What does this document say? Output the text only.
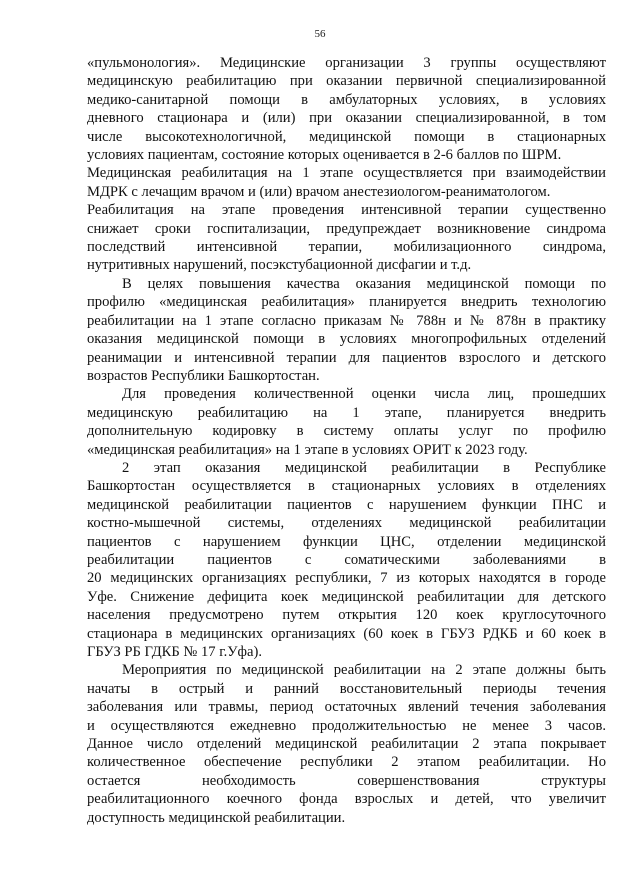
56
«пульмонология». Медицинские организации 3 группы осуществляют
медицинскую реабилитацию при оказании первичной специализированной
медико-санитарной помощи в амбулаторных условиях, в условиях
дневного стационара и (или) при оказании специализированной, в том
числе высокотехнологичной, медицинской помощи в стационарных
условиях пациентам, состояние которых оценивается в 2-6 баллов по ШРМ.
Медицинская реабилитация на 1 этапе осуществляется при взаимодействии
МДРК с лечащим врачом и (или) врачом анестезиологом-реаниматологом.
Реабилитация на этапе проведения интенсивной терапии существенно
снижает сроки госпитализации, предупреждает возникновение синдрома
последствий интенсивной терапии, мобилизационного синдрома,
нутритивных нарушений, посэкстубационной дисфагии и т.д.
В целях повышения качества оказания медицинской помощи по
профилю «медицинская реабилитация» планируется внедрить технологию
реабилитации на 1 этапе согласно приказам № 788н и № 878н в практику
оказания медицинской помощи в условиях многопрофильных отделений
реанимации и интенсивной терапии для пациентов взрослого и детского
возрастов Республики Башкортостан.
Для проведения количественной оценки числа лиц, прошедших
медицинскую реабилитацию на 1 этапе, планируется внедрить
дополнительную кодировку в систему оплаты услуг по профилю
«медицинская реабилитация» на 1 этапе в условиях ОРИТ к 2023 году.
2 этап оказания медицинской реабилитации в Республике
Башкортостан осуществляется в стационарных условиях в отделениях
медицинской реабилитации пациентов с нарушением функции ПНС и
костно-мышечной системы, отделениях медицинской реабилитации
пациентов с нарушением функции ЦНС, отделении медицинской
реабилитации пациентов с соматическими заболеваниями в
20 медицинских организациях республики, 7 из которых находятся в городе
Уфе. Снижение дефицита коек медицинской реабилитации для детского
населения предусмотрено путем открытия 120 коек круглосуточного
стационара в медицинских организациях (60 коек в ГБУЗ РДКБ и 60 коек в
ГБУЗ РБ ГДКБ № 17 г.Уфа).
Мероприятия по медицинской реабилитации на 2 этапе должны быть
начаты в острый и ранний восстановительный периоды течения
заболевания или травмы, период остаточных явлений течения заболевания
и осуществляются ежедневно продолжительностью не менее 3 часов.
Данное число отделений медицинской реабилитации 2 этапа покрывает
количественное обеспечение республики 2 этапом реабилитации. Но
остается необходимость совершенствования структуры
реабилитационного коечного фонда взрослых и детей, что увеличит
доступность медицинской реабилитации.
